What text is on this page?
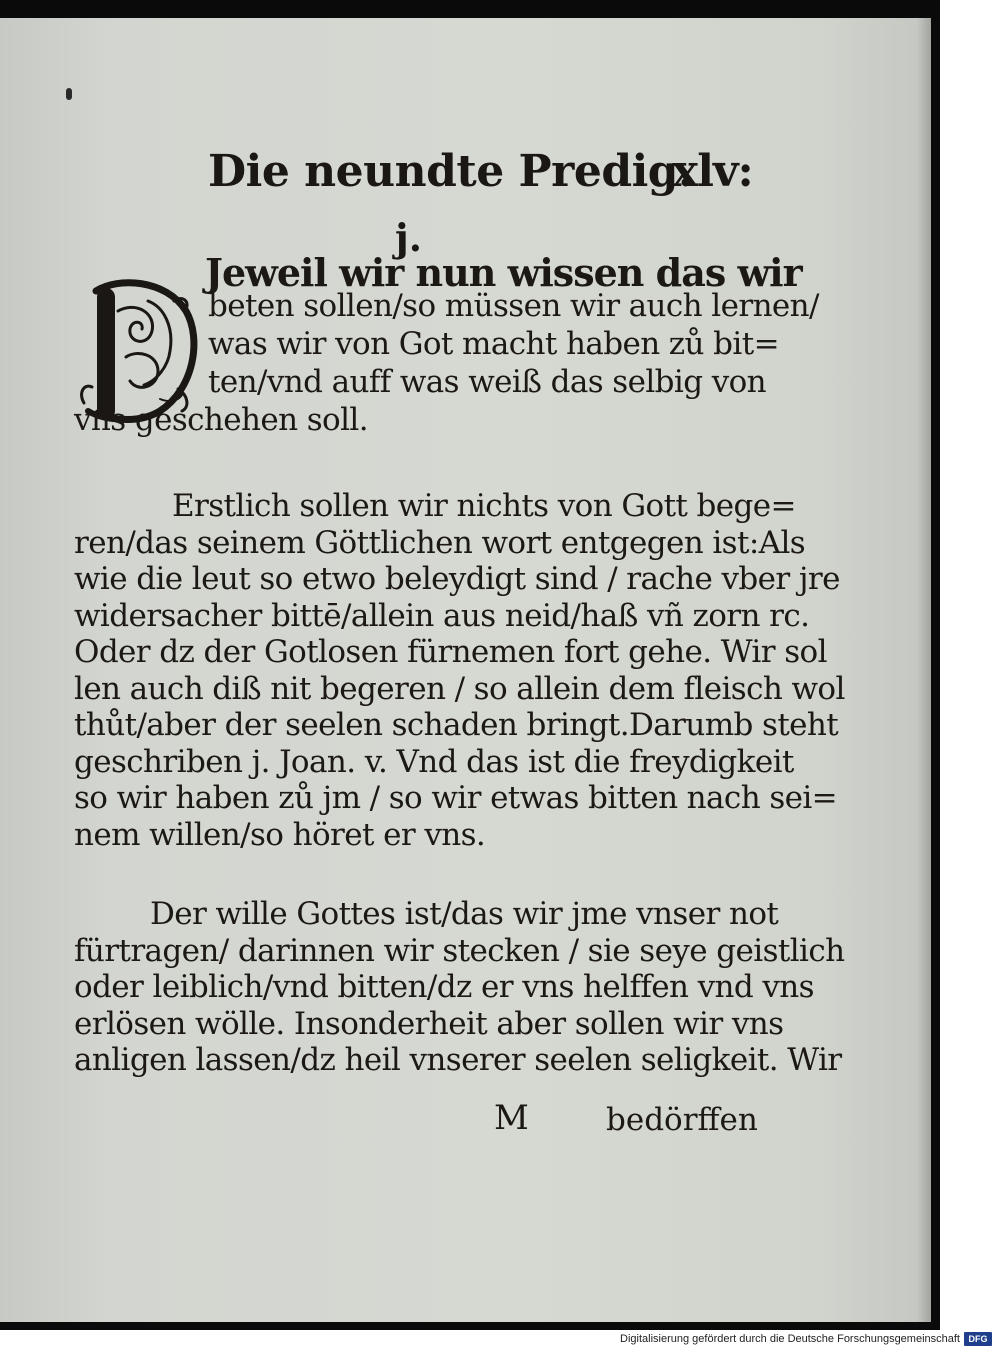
Die neundte Predig.
xlv:
j.
Jeweil wir nun wissen das wir
beten sollen/so müssen wir auch lernen/
was wir von Got macht haben zů bit=
ten/vnd auff was weiß das selbig von
vns geschehen soll.
Erstlich sollen wir nichts von Gott bege=
ren/das seinem Göttlichen wort entgegen ist:Als
wie die leut so etwo beleydigt sind / rache vber jre
widersacher bittē/allein aus neid/haß vñ zorn rc.
Oder dz der Gotlosen fürnemen fort gehe. Wir sol
len auch diß nit begeren / so allein dem fleisch wol
thůt/aber der seelen schaden bringt.Darumb steht
geschriben j. Joan. v. Vnd das ist die freydigkeit
so wir haben zů jm / so wir etwas bitten nach sei=
nem willen/so höret er vns.
Der wille Gottes ist/das wir jme vnser not
fürtragen/ darinnen wir stecken / sie seye geistlich
oder leiblich/vnd bitten/dz er vns helffen vnd vns
erlösen wölle. Insonderheit aber sollen wir vns
anligen lassen/dz heil vnserer seelen seligkeit. Wir
M bedörffen
Digitalisierung gefördert durch die Deutsche Forschungsgemeinschaft DFG
